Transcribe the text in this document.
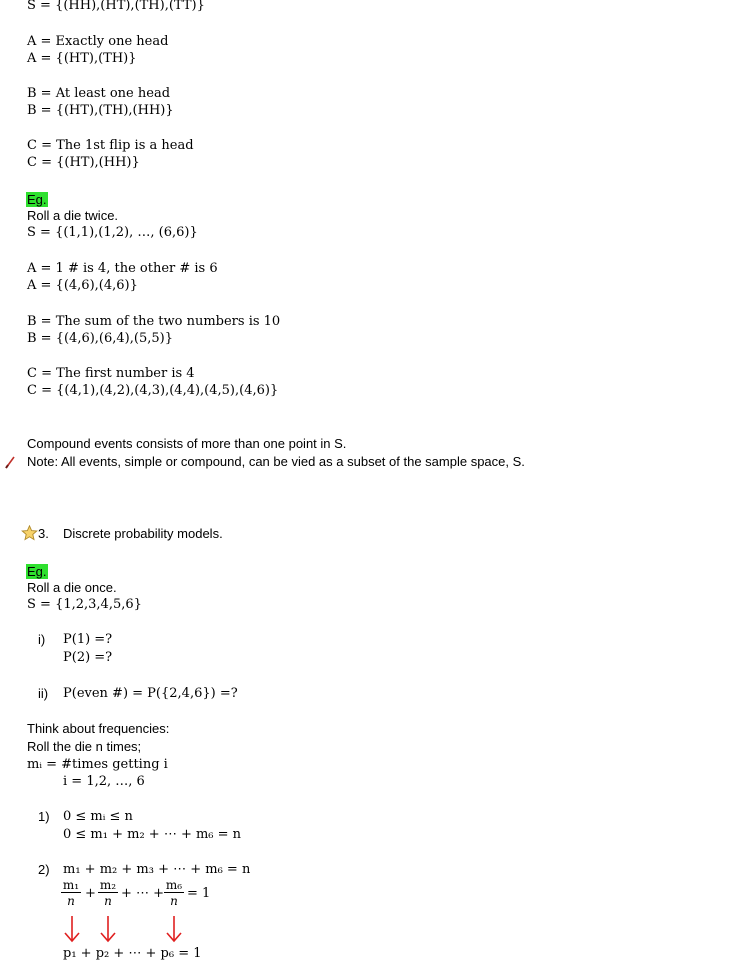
S = {(HH),(HT),(TH),(TT)}
A = Exactly one head
A = {(HT),(TH)}
B = At least one head
B = {(HT),(TH),(HH)}
C = The 1st flip is a head
C = {(HT),(HH)}
Eg.
Roll a die twice.
S = {(1,1),(1,2), …, (6,6)}
A = 1 # is 4, the other # is 6
A = {(4,6),(4,6)}
B = The sum of the two numbers is 10
B = {(4,6),(6,4),(5,5)}
C = The first number is 4
C = {(4,1),(4,2),(4,3),(4,4),(4,5),(4,6)}
Compound events consists of more than one point in S.
Note: All events, simple or compound, can be vied as a subset of the sample space, S.
3. Discrete probability models.
Eg.
Roll a die once.
S = {1,2,3,4,5,6}
i) P(1) =?
P(2) =?
ii) P(even #) = P({2,4,6}) =?
Think about frequencies:
Roll the die n times;
mᵢ = #times getting i
i = 1,2, …, 6
1) 0 ≤ mᵢ ≤ n
0 ≤ m₁ + m₂ + ⋯ + m₆ = n
2) m₁ + m₂ + m₃ + ⋯ + m₆ = n
$\frac{\text{m₁}}{n} + \frac{\text{m₂}}{n}$ + ⋯ + $\frac{\text{m₆}}{n} = 1$
p₁ + p₂ + ⋯ + p₆ = 1
